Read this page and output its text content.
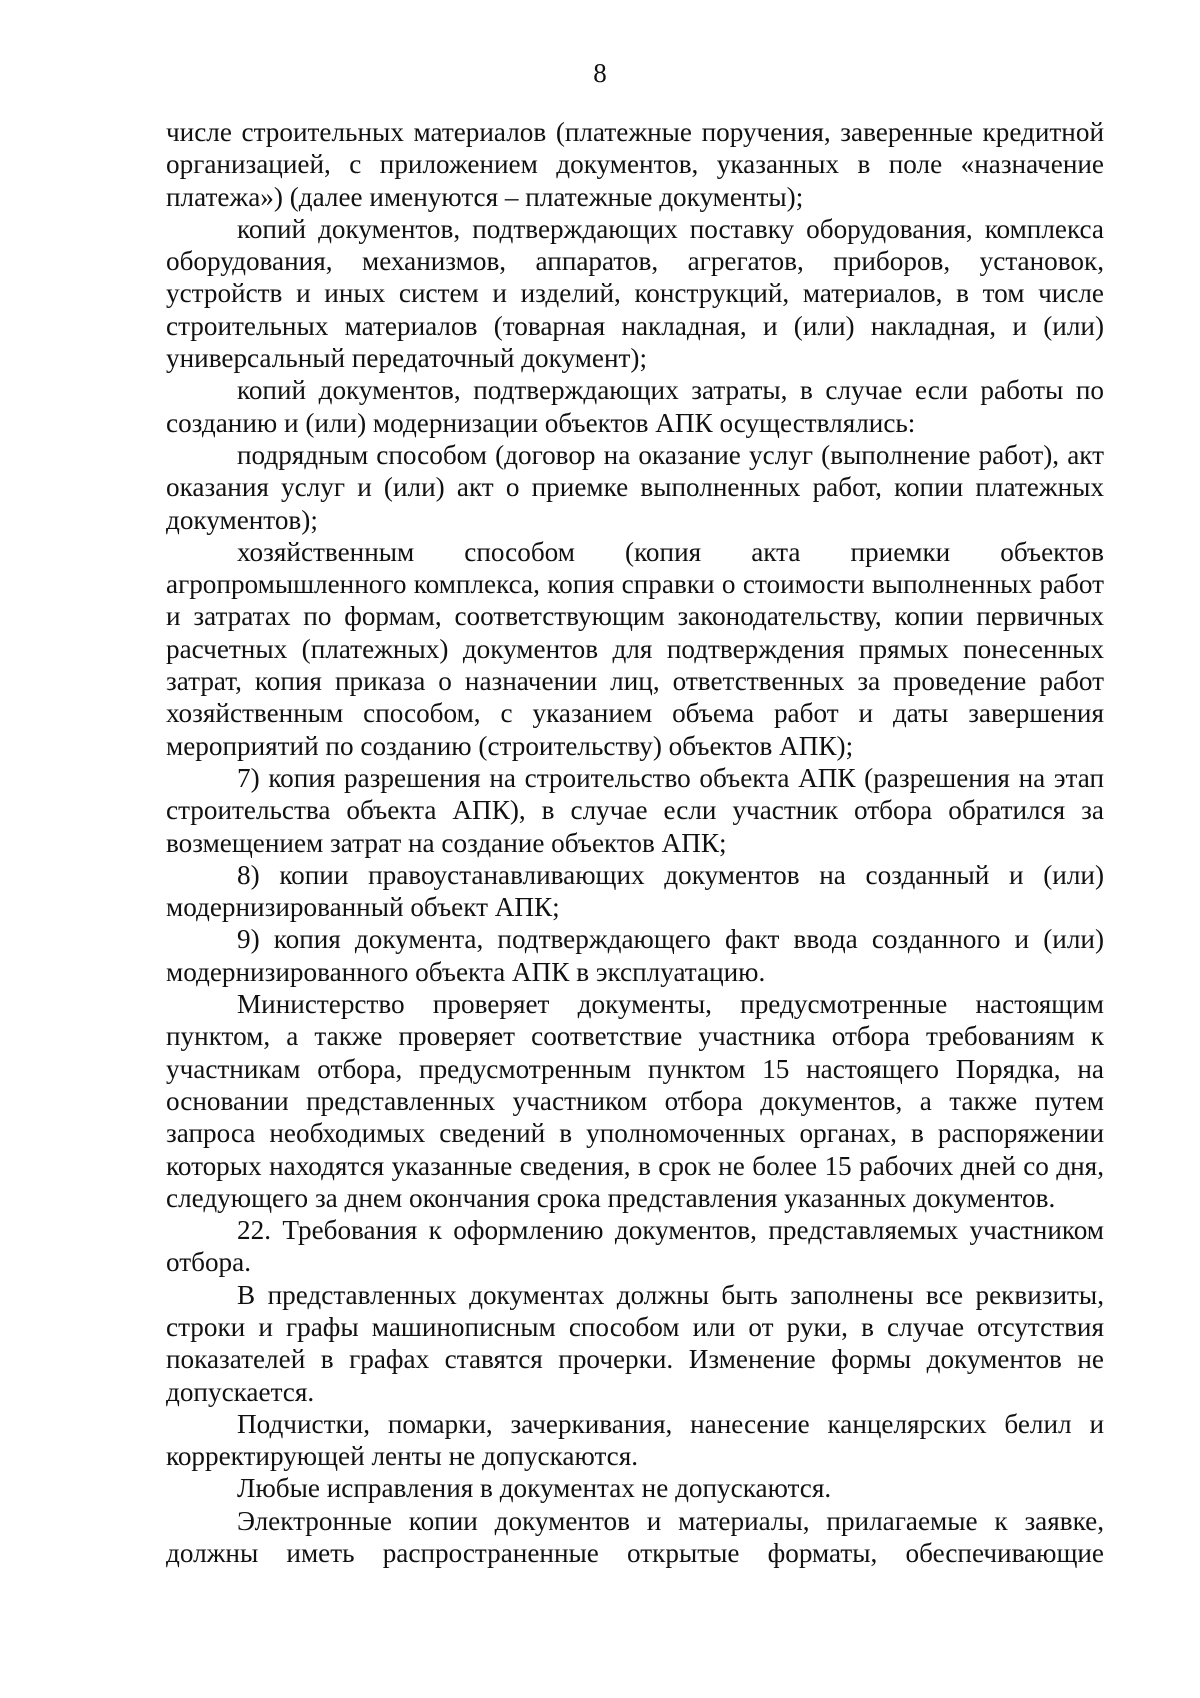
8

числе строительных материалов (платежные поручения, заверенные кредитной организацией, с приложением документов, указанных в поле «назначение платежа») (далее именуются – платежные документы);

копий документов, подтверждающих поставку оборудования, комплекса оборудования, механизмов, аппаратов, агрегатов, приборов, установок, устройств и иных систем и изделий, конструкций, материалов, в том числе строительных материалов (товарная накладная, и (или) накладная, и (или) универсальный передаточный документ);

копий документов, подтверждающих затраты, в случае если работы по созданию и (или) модернизации объектов АПК осуществлялись:

подрядным способом (договор на оказание услуг (выполнение работ), акт оказания услуг и (или) акт о приемке выполненных работ, копии платежных документов);

хозяйственным способом (копия акта приемки объектов агропромышленного комплекса, копия справки о стоимости выполненных работ и затратах по формам, соответствующим законодательству, копии первичных расчетных (платежных) документов для подтверждения прямых понесенных затрат, копия приказа о назначении лиц, ответственных за проведение работ хозяйственным способом, с указанием объема работ и даты завершения мероприятий по созданию (строительству) объектов АПК);

7) копия разрешения на строительство объекта АПК (разрешения на этап строительства объекта АПК), в случае если участник отбора обратился за возмещением затрат на создание объектов АПК;

8) копии правоустанавливающих документов на созданный и (или) модернизированный объект АПК;

9) копия документа, подтверждающего факт ввода созданного и (или) модернизированного объекта АПК в эксплуатацию.

Министерство проверяет документы, предусмотренные настоящим пунктом, а также проверяет соответствие участника отбора требованиям к участникам отбора, предусмотренным пунктом 15 настоящего Порядка, на основании представленных участником отбора документов, а также путем запроса необходимых сведений в уполномоченных органах, в распоряжении которых находятся указанные сведения, в срок не более 15 рабочих дней со дня, следующего за днем окончания срока представления указанных документов.

22. Требования к оформлению документов, представляемых участником отбора.

В представленных документах должны быть заполнены все реквизиты, строки и графы машинописным способом или от руки, в случае отсутствия показателей в графах ставятся прочерки. Изменение формы документов не допускается.

Подчистки, помарки, зачеркивания, нанесение канцелярских белил и корректирующей ленты не допускаются.

Любые исправления в документах не допускаются.

Электронные копии документов и материалы, прилагаемые к заявке, должны иметь распространенные открытые форматы, обеспечивающие
